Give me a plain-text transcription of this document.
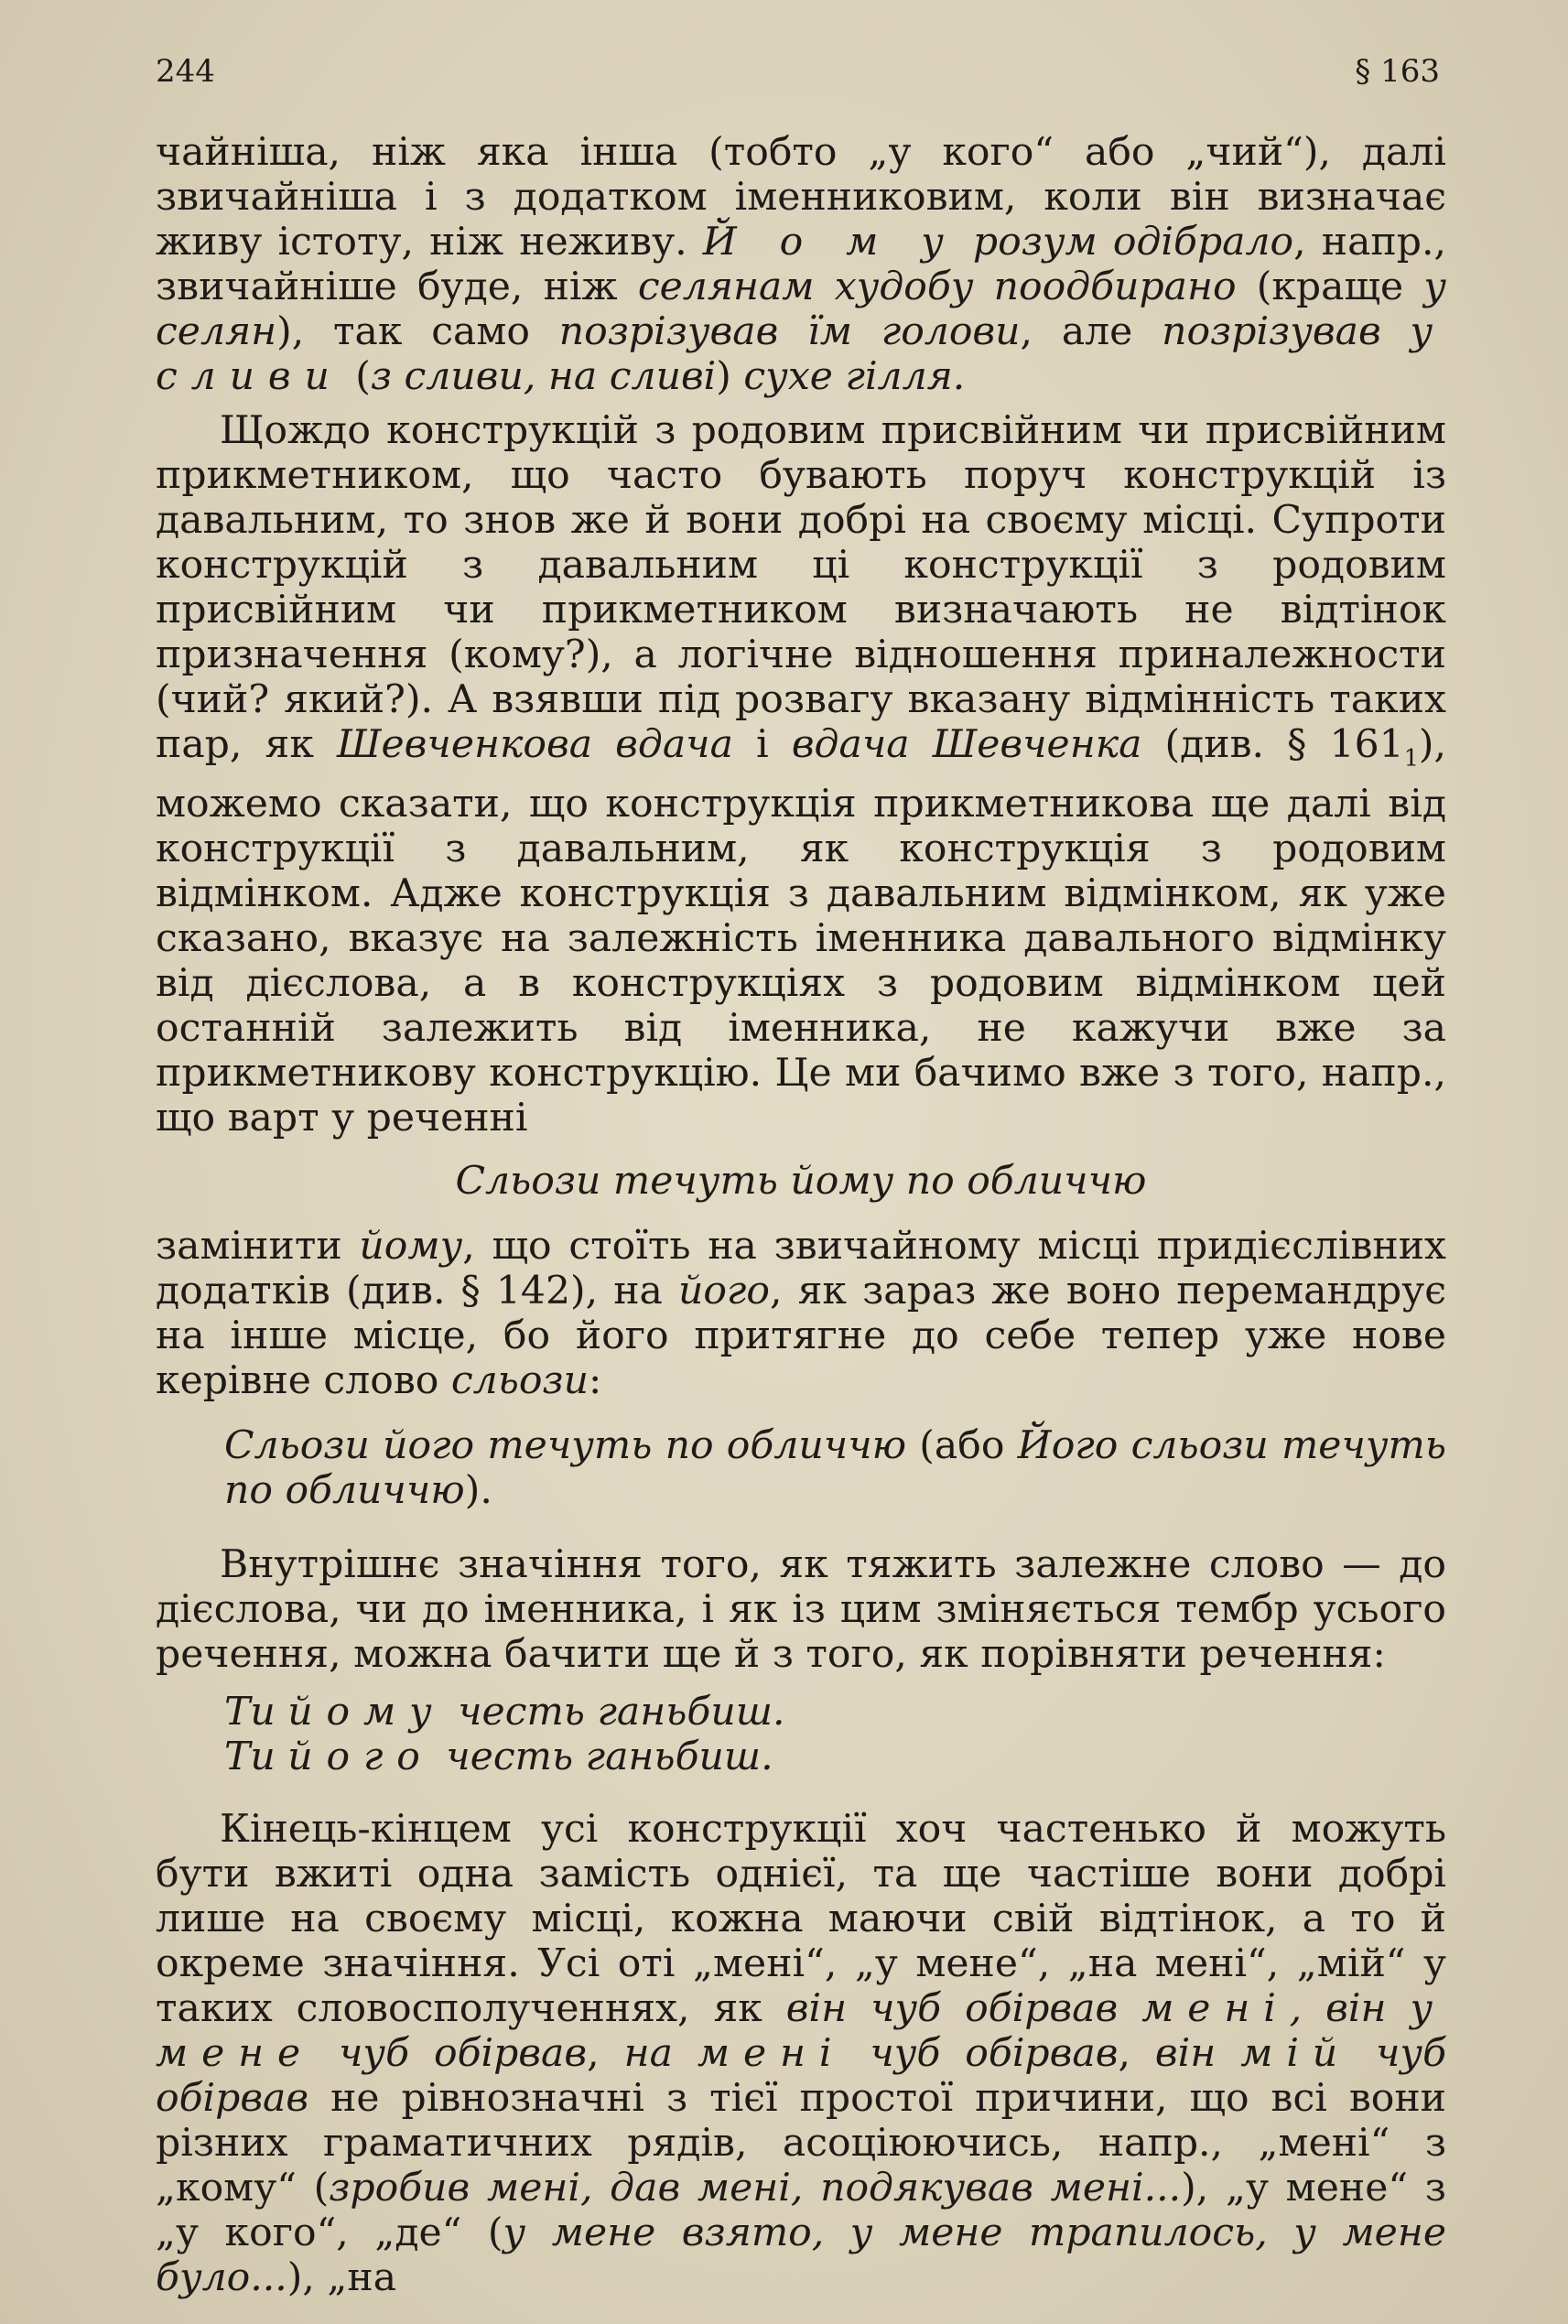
244	§ 163

чайніша, ніж яка інша (тобто „у кого“ або „чий“), далі звичайніша і з додатком іменниковим, коли він визначає живу істоту, ніж неживу. Й о м у розум одібрало, напр., звичайніше буде, ніж селянам худобу поодбирано (краще у селян), так само позрізував їм голови, але позрізував у сливи (з сливи, на сливі) сухе гілля.

Щождо конструкцій з родовим присвійним чи присвійним прикметником, що часто бувають поруч конструкцій із давальним, то знов же й вони добрі на своєму місці. Супроти конструкцій з давальним ці конструкції з родовим присвійним чи прикметником визначають не відтінок призначення (кому?), а логічне відношення приналежности (чий? який?). А взявши під розвагу вказану відмінність таких пар, як Шевченкова вдача і вдача Шевченка (див. § $161_1$), можемо сказати, що конструкція прикметникова ще далі від конструкції з давальним, як конструкція з родовим відмінком. Адже конструкція з давальним відмінком, як уже сказано, вказує на залежність іменника давального відмінку від дієслова, а в конструкціях з родовим відмінком цей останній залежить від іменника, не кажучи вже за прикметникову конструкцію. Це ми бачимо вже з того, напр., що варт у реченні

Сльози течуть йому по обличчю

замінити йому, що стоїть на звичайному місці придієслівних додатків (див. § 142), на його, як зараз же воно перемандрує на інше місце, бо його притягне до себе тепер уже нове керівне слово сльози:

Сльози його течуть по обличчю (або Його сльози течуть по обличчю).

Внутрішнє значіння того, як тяжить залежне слово — до дієслова, чи до іменника, і як із цим зміняється тембр усього речення, можна бачити ще й з того, як порівняти речення:

Ти йому честь ганьбиш.
Ти його честь ганьбиш.

Кінець-кінцем усі конструкції хоч частенько й можуть бути вжиті одна замість однієї, та ще частіше вони добрі лише на своєму місці, кожна маючи свій відтінок, а то й окреме значіння. Усі оті „мені“, „у мене“, „на мені“, „мій“ у таких словосполученнях, як він чуб обірвав мені, він у мене чуб обірвав, на мені чуб обірвав, він мій чуб обірвав не рівнозначні з тієї простої причини, що всі вони різних граматичних рядів, асоціюючись, напр., „мені“ з „кому“ (зробив мені, дав мені, подякував мені...), „у мене“ з „у кого“, „де“ (у мене взято, у мене трапилось, у мене було...), „на
